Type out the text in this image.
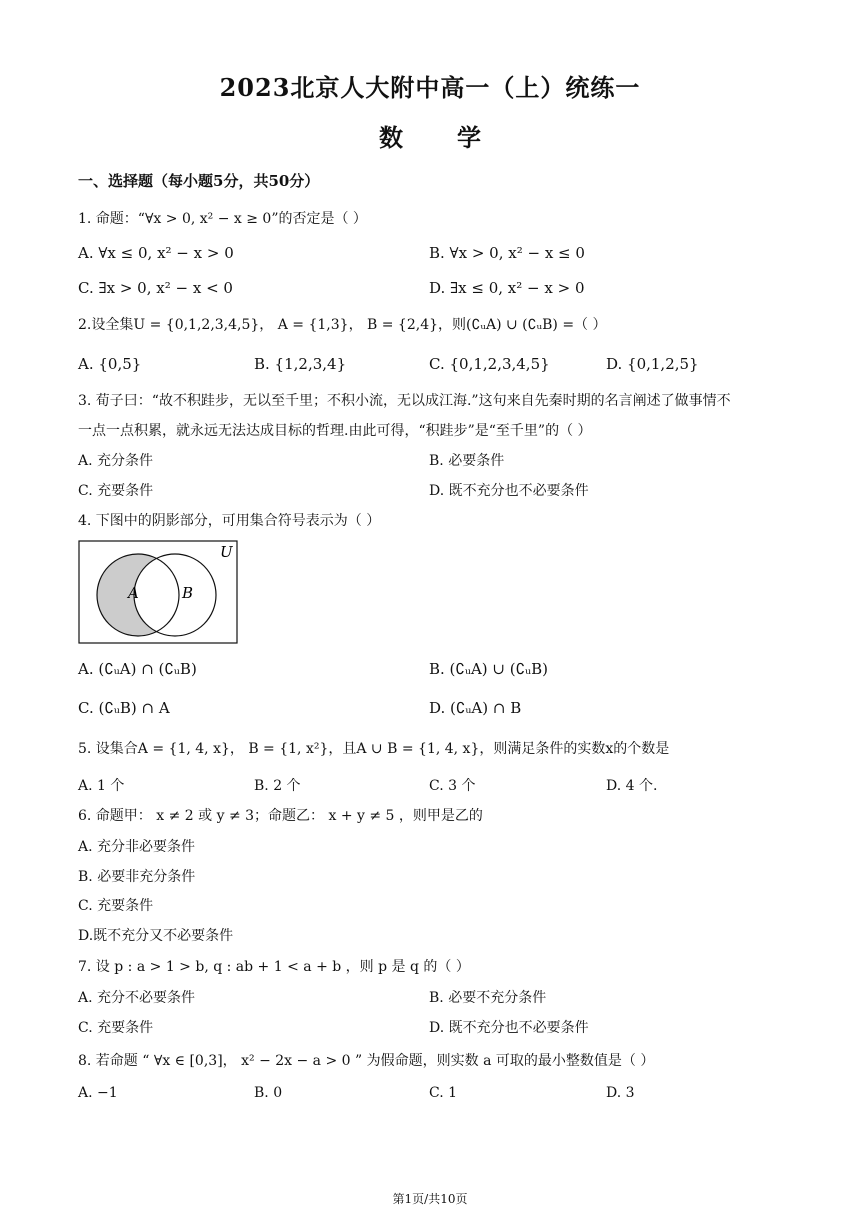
2023北京人大附中高一（上）统练一
数学
一、选择题（每小题5分，共50分）
1. 命题：“∀x > 0, x² − x ≥ 0”的否定是（ ）
A. ∀x ≤ 0, x² − x > 0	B. ∀x > 0, x² − x ≤ 0
C. ∃x > 0, x² − x < 0	D. ∃x ≤ 0, x² − x > 0
2.设全集U = {0,1,2,3,4,5}， A = {1,3}， B = {2,4}，则(∁ᵤA) ∪ (∁ᵤB) =（ ）
A. {0,5}	B. {1,2,3,4}	C. {0,1,2,3,4,5}	D. {0,1,2,5}
3. 荀子曰：“故不积跬步，无以至千里；不积小流，无以成江海.”这句来自先秦时期的名言阐述了做事情不
一点一点积累，就永远无法达成目标的哲理.由此可得，“积跬步”是“至千里”的（ ）
A. 充分条件	B. 必要条件
C. 充要条件	D. 既不充分也不必要条件
4. 下图中的阴影部分，可用集合符号表示为（ ）
U
A	B
A. (∁ᵤA) ∩ (∁ᵤB)	B. (∁ᵤA) ∪ (∁ᵤB)
C. (∁ᵤB) ∩ A	D. (∁ᵤA) ∩ B
5. 设集合A = {1, 4, x}， B = {1, x²}，且A ∪ B = {1, 4, x}，则满足条件的实数x的个数是
A. 1 个	B. 2 个	C. 3 个	D. 4 个.
6. 命题甲： x ≠ 2 或 y ≠ 3；命题乙： x + y ≠ 5 ，则甲是乙的
A. 充分非必要条件
B. 必要非充分条件
C. 充要条件
D.既不充分又不必要条件
7. 设 p : a > 1 > b, q : ab + 1 < a + b ，则 p 是 q 的（ ）
A. 充分不必要条件	B. 必要不充分条件
C. 充要条件	D. 既不充分也不必要条件
8. 若命题 “ ∀x ∈ [0,3]， x² − 2x − a > 0 ” 为假命题，则实数 a 可取的最小整数值是（ ）
A. −1	B. 0	C. 1	D. 3
第1页/共10页
